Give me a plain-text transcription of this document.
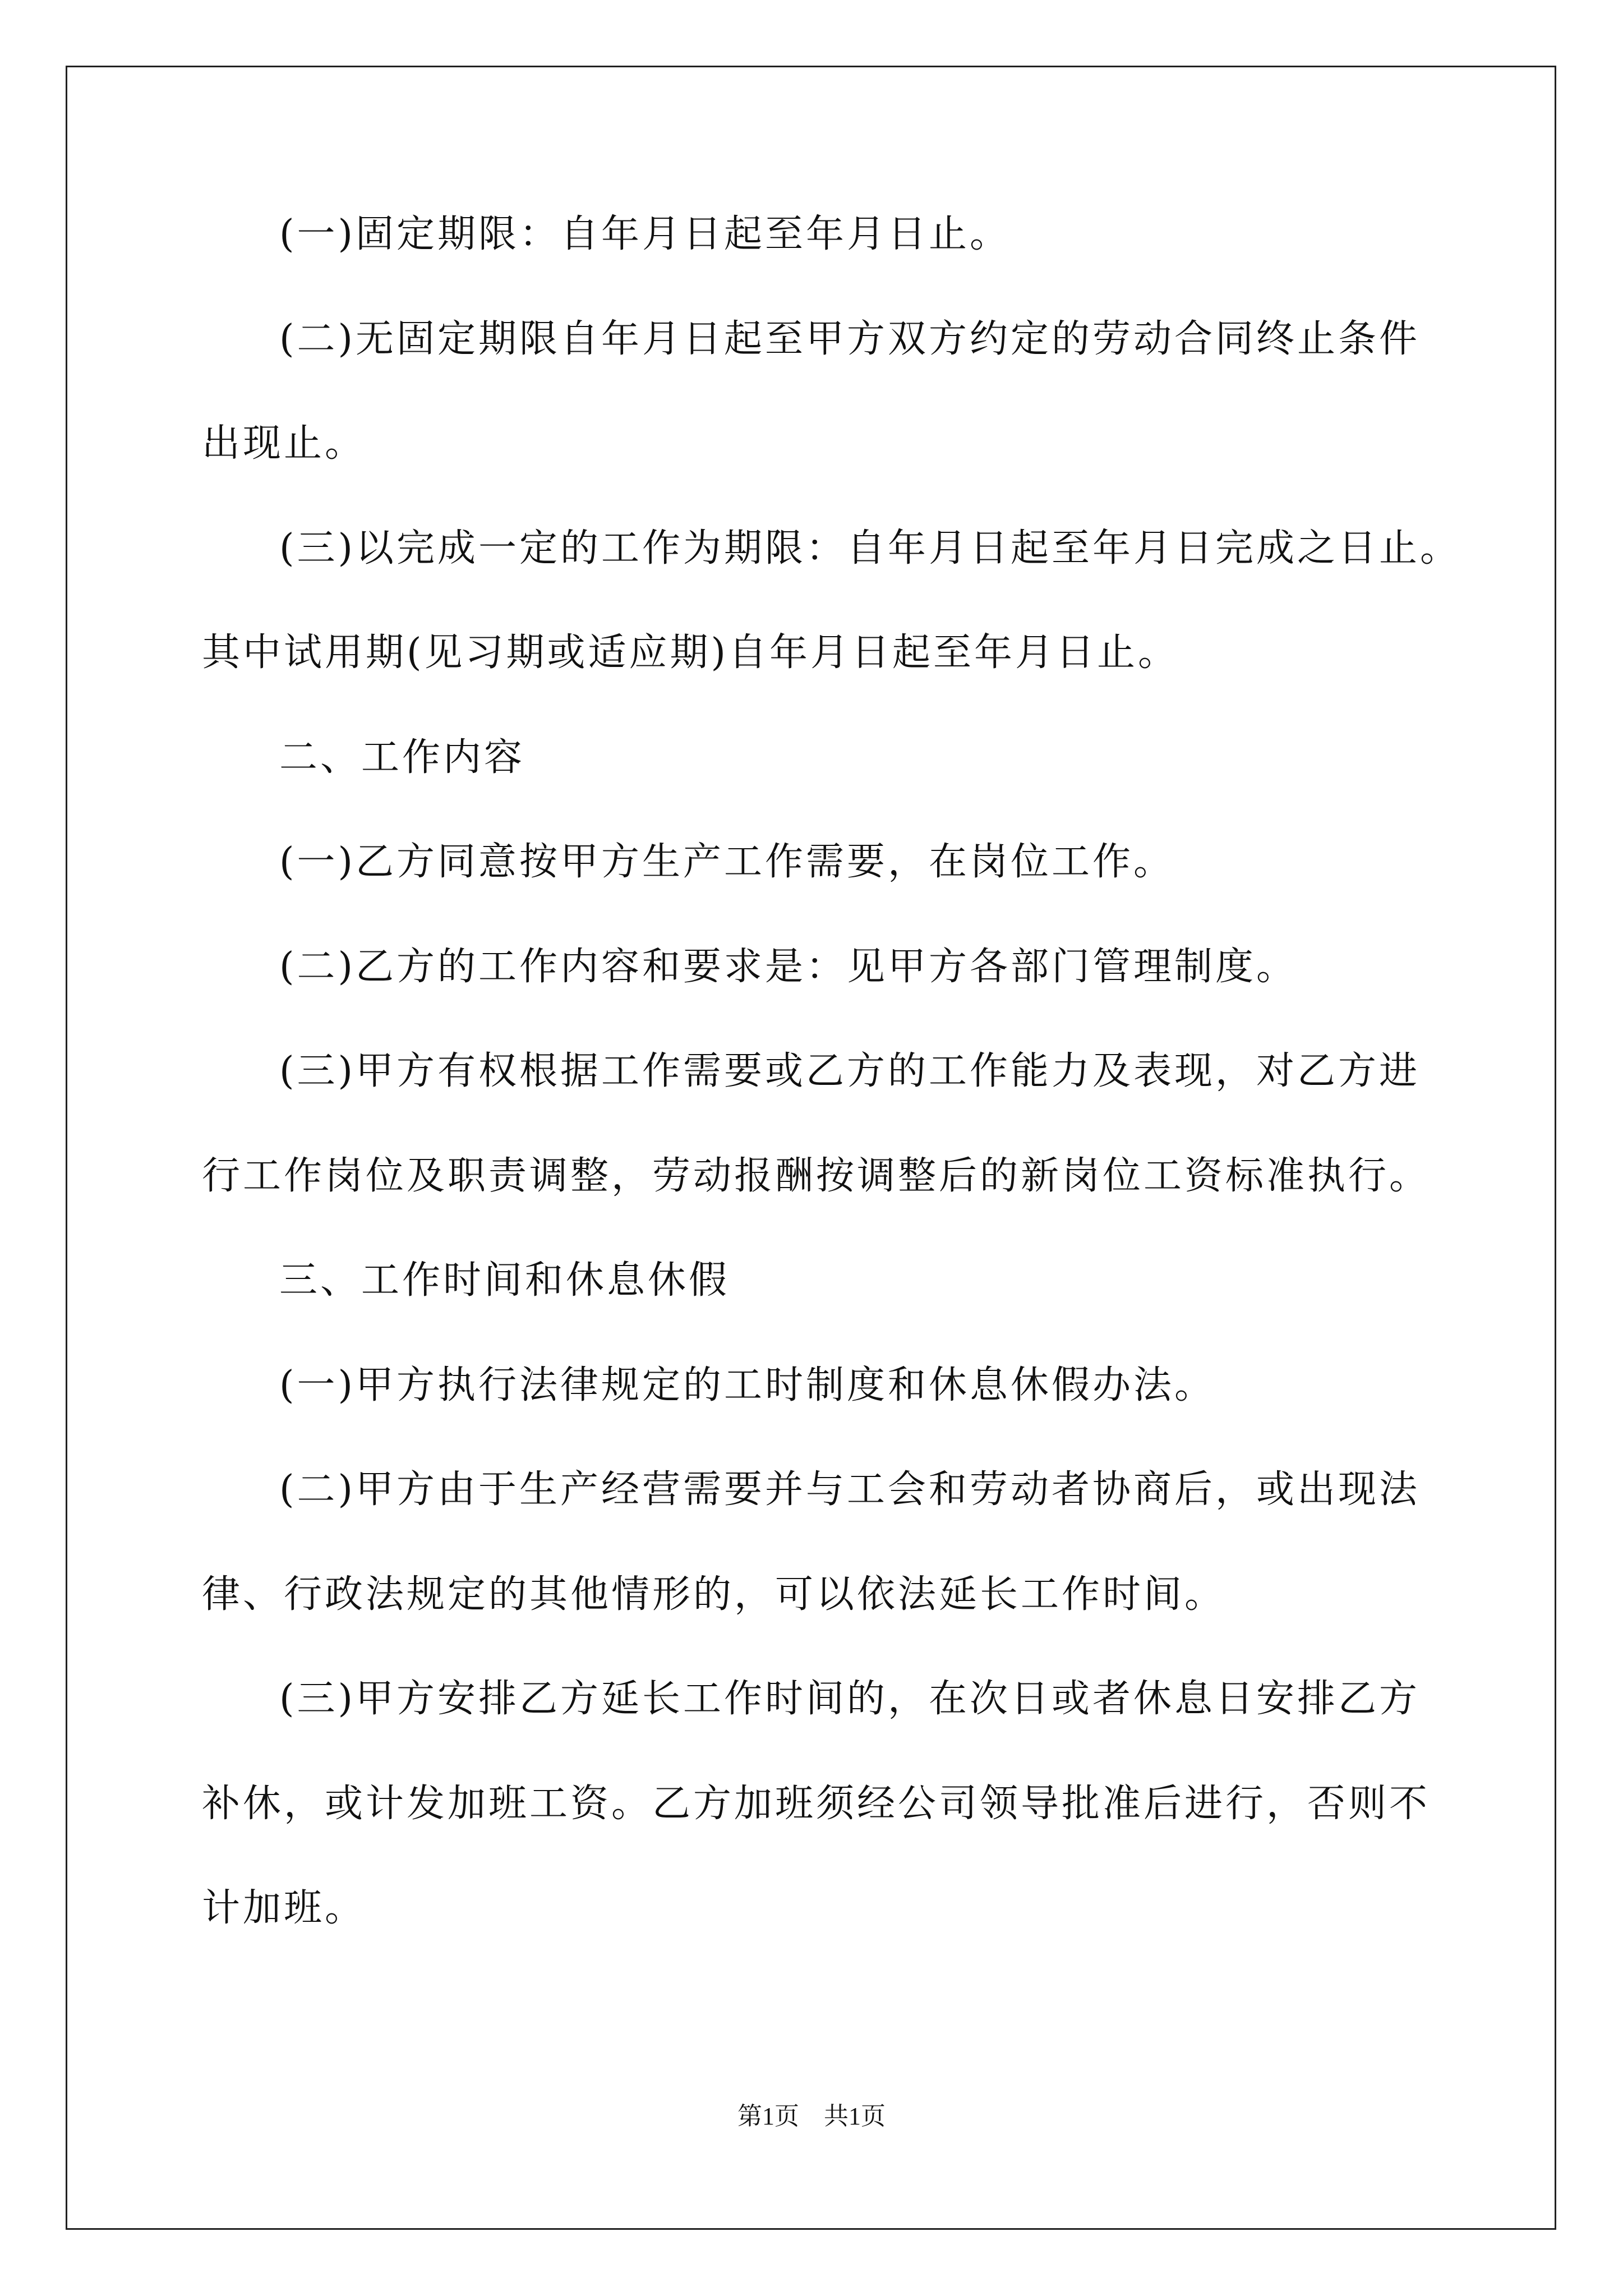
(一)固定期限：自年月日起至年月日止。
(二)无固定期限自年月日起至甲方双方约定的劳动合同终止条件
出现止。
(三)以完成一定的工作为期限：自年月日起至年月日完成之日止。
其中试用期(见习期或适应期)自年月日起至年月日止。
二、工作内容
(一)乙方同意按甲方生产工作需要，在岗位工作。
(二)乙方的工作内容和要求是：见甲方各部门管理制度。
(三)甲方有权根据工作需要或乙方的工作能力及表现，对乙方进
行工作岗位及职责调整，劳动报酬按调整后的新岗位工资标准执行。
三、工作时间和休息休假
(一)甲方执行法律规定的工时制度和休息休假办法。
(二)甲方由于生产经营需要并与工会和劳动者协商后，或出现法
律、行政法规定的其他情形的，可以依法延长工作时间。
(三)甲方安排乙方延长工作时间的，在次日或者休息日安排乙方
补休，或计发加班工资。乙方加班须经公司领导批准后进行，否则不
计加班。
第1页 共1页
